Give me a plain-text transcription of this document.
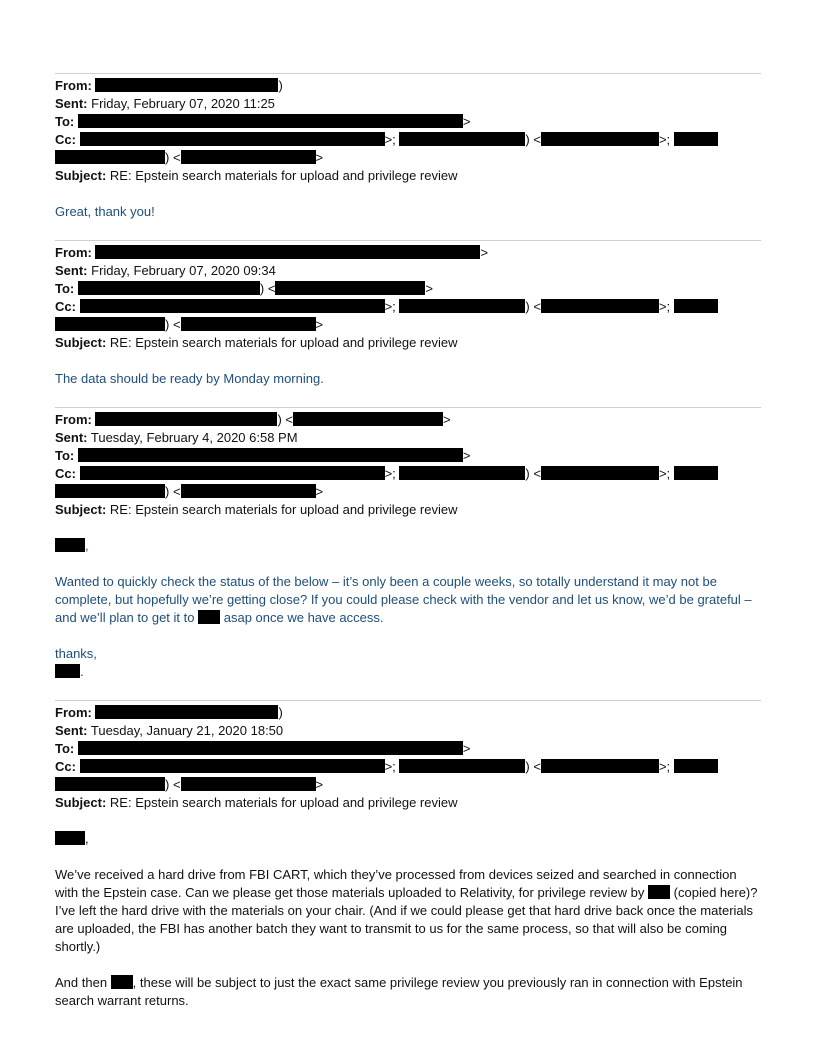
From:	)
Sent: Friday, February 07, 2020 11:25
To:	>
Cc:	>;	) <	>;
) <	>
Subject: RE: Epstein search materials for upload and privilege review
Great, thank you!
From:	>
Sent: Friday, February 07, 2020 09:34
To:	) <	>
Cc:	>;	) <	>;
) <	>
Subject: RE: Epstein search materials for upload and privilege review
The data should be ready by Monday morning.
From:	) <	>
Sent: Tuesday, February 4, 2020 6:58 PM
To:	>
Cc:	>;	) <	>;
) <	>
Subject: RE: Epstein search materials for upload and privilege review
,
Wanted to quickly check the status of the below – it’s only been a couple weeks, so totally understand it may not be complete, but hopefully we’re getting close? If you could please check with the vendor and let us know, we’d be grateful – and we’ll plan to get it to asap once we have access.
thanks,
.
From:	)
Sent: Tuesday, January 21, 2020 18:50
To:	>
Cc:	>;	) <	>;
) <	>
Subject: RE: Epstein search materials for upload and privilege review
,
We’ve received a hard drive from FBI CART, which they’ve processed from devices seized and searched in connection with the Epstein case. Can we please get those materials uploaded to Relativity, for privilege review by (copied here)? I’ve left the hard drive with the materials on your chair. (And if we could please get that hard drive back once the materials are uploaded, the FBI has another batch they want to transmit to us for the same process, so that will also be coming shortly.)
And then , these will be subject to just the exact same privilege review you previously ran in connection with Epstein search warrant returns.
